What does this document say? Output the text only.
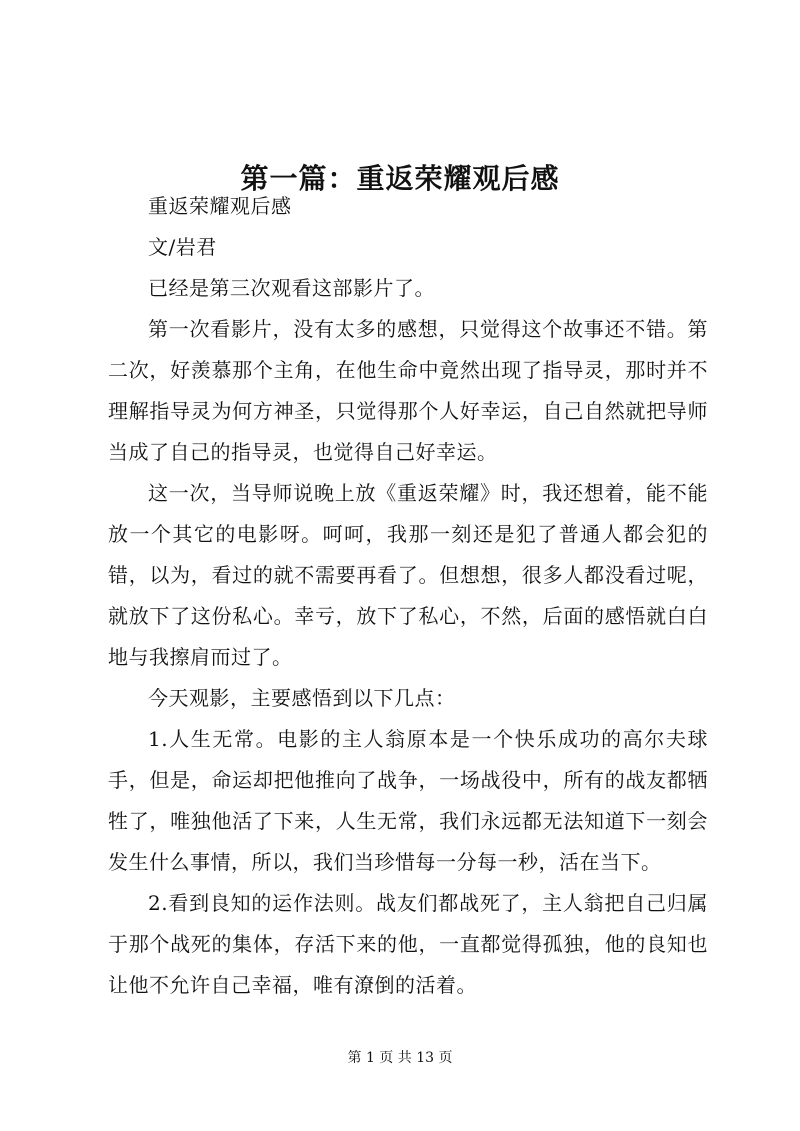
第一篇：重返荣耀观后感

重返荣耀观后感

文/岩君

已经是第三次观看这部影片了。

第一次看影片，没有太多的感想，只觉得这个故事还不错。第二次，好羡慕那个主角，在他生命中竟然出现了指导灵，那时并不理解指导灵为何方神圣，只觉得那个人好幸运，自己自然就把导师当成了自己的指导灵，也觉得自己好幸运。

这一次，当导师说晚上放《重返荣耀》时，我还想着，能不能放一个其它的电影呀。呵呵，我那一刻还是犯了普通人都会犯的错，以为，看过的就不需要再看了。但想想，很多人都没看过呢，就放下了这份私心。幸亏，放下了私心，不然，后面的感悟就白白地与我擦肩而过了。

今天观影，主要感悟到以下几点：

1.人生无常。电影的主人翁原本是一个快乐成功的高尔夫球手，但是，命运却把他推向了战争，一场战役中，所有的战友都牺牲了，唯独他活了下来，人生无常，我们永远都无法知道下一刻会发生什么事情，所以，我们当珍惜每一分每一秒，活在当下。

2.看到良知的运作法则。战友们都战死了，主人翁把自己归属于那个战死的集体，存活下来的他，一直都觉得孤独，他的良知也让他不允许自己幸福，唯有潦倒的活着。

第 1 页 共 13 页
